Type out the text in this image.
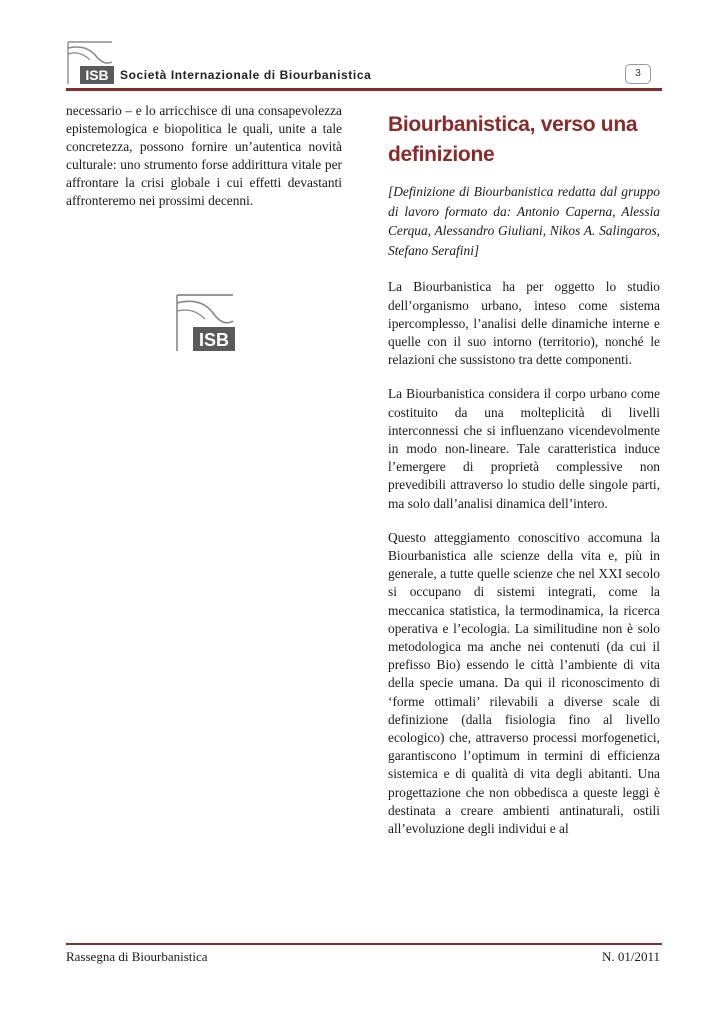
ISB Società Internazionale di Biourbanistica	3

necessario – e lo arricchisce di una consapevolezza epistemologica e biopolitica le quali, unite a tale concretezza, possono fornire un’autentica novità culturale: uno strumento forse addirittura vitale per affrontare la crisi globale i cui effetti devastanti affronteremo nei prossimi decenni.

ISB
Biourbanistica, verso una definizione

[Definizione di Biourbanistica redatta dal gruppo di lavoro formato da: Antonio Caperna, Alessia Cerqua, Alessandro Giuliani, Nikos A. Salingaros, Stefano Serafini]

La Biourbanistica ha per oggetto lo studio dell’organismo urbano, inteso come sistema ipercomplesso, l’analisi delle dinamiche interne e quelle con il suo intorno (territorio), nonché le relazioni che sussistono tra dette componenti.

La Biourbanistica considera il corpo urbano come costituito da una molteplicità di livelli interconnessi che si influenzano vicendevolmente in modo non-lineare. Tale caratteristica induce l’emergere di proprietà complessive non prevedibili attraverso lo studio delle singole parti, ma solo dall’analisi dinamica dell’intero.

Questo atteggiamento conoscitivo accomuna la Biourbanistica alle scienze della vita e, più in generale, a tutte quelle scienze che nel XXI secolo si occupano di sistemi integrati, come la meccanica statistica, la termodinamica, la ricerca operativa e l’ecologia. La similitudine non è solo metodologica ma anche nei contenuti (da cui il prefisso Bio) essendo le città l’ambiente di vita della specie umana. Da qui il riconoscimento di ‘forme ottimali’ rilevabili a diverse scale di definizione (dalla fisiologia fino al livello ecologico) che, attraverso processi morfogenetici, garantiscono l’optimum in termini di efficienza sistemica e di qualità di vita degli abitanti. Una progettazione che non obbedisca a queste leggi è destinata a creare ambienti antinaturali, ostili all’evoluzione degli individui e al

Rassegna di Biourbanistica	N. 01/2011
